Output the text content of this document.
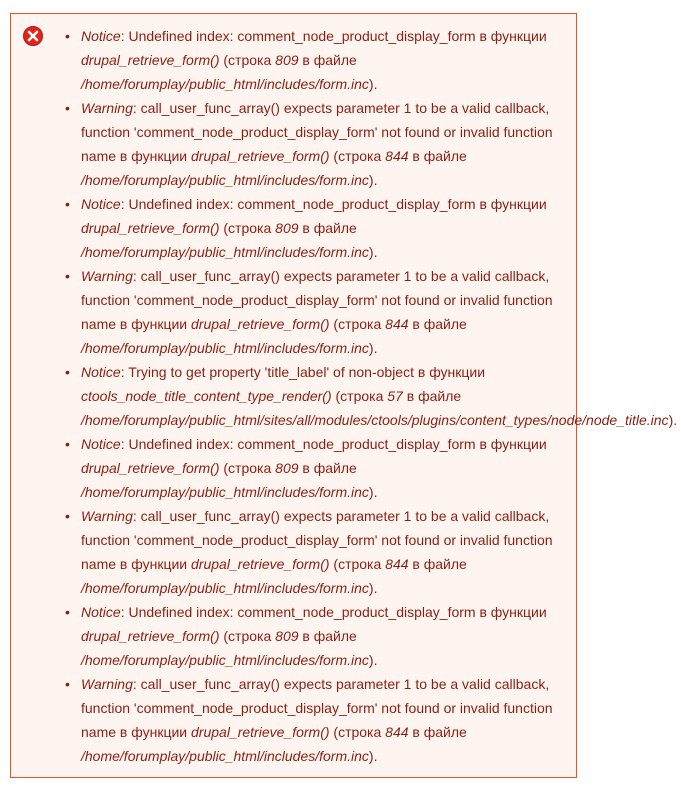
• Notice: Undefined index: comment_node_product_display_form в функции
drupal_retrieve_form() (строка 809 в файле
/home/forumplay/public_html/includes/form.inc).
• Warning: call_user_func_array() expects parameter 1 to be a valid callback,
function 'comment_node_product_display_form' not found or invalid function
name в функции drupal_retrieve_form() (строка 844 в файле
/home/forumplay/public_html/includes/form.inc).
• Notice: Undefined index: comment_node_product_display_form в функции
drupal_retrieve_form() (строка 809 в файле
/home/forumplay/public_html/includes/form.inc).
• Warning: call_user_func_array() expects parameter 1 to be a valid callback,
function 'comment_node_product_display_form' not found or invalid function
name в функции drupal_retrieve_form() (строка 844 в файле
/home/forumplay/public_html/includes/form.inc).
• Notice: Trying to get property 'title_label' of non-object в функции
ctools_node_title_content_type_render() (строка 57 в файле
/home/forumplay/public_html/sites/all/modules/ctools/plugins/content_types/node/node_title.inc).
• Notice: Undefined index: comment_node_product_display_form в функции
drupal_retrieve_form() (строка 809 в файле
/home/forumplay/public_html/includes/form.inc).
• Warning: call_user_func_array() expects parameter 1 to be a valid callback,
function 'comment_node_product_display_form' not found or invalid function
name в функции drupal_retrieve_form() (строка 844 в файле
/home/forumplay/public_html/includes/form.inc).
• Notice: Undefined index: comment_node_product_display_form в функции
drupal_retrieve_form() (строка 809 в файле
/home/forumplay/public_html/includes/form.inc).
• Warning: call_user_func_array() expects parameter 1 to be a valid callback,
function 'comment_node_product_display_form' not found or invalid function
name в функции drupal_retrieve_form() (строка 844 в файле
/home/forumplay/public_html/includes/form.inc).
